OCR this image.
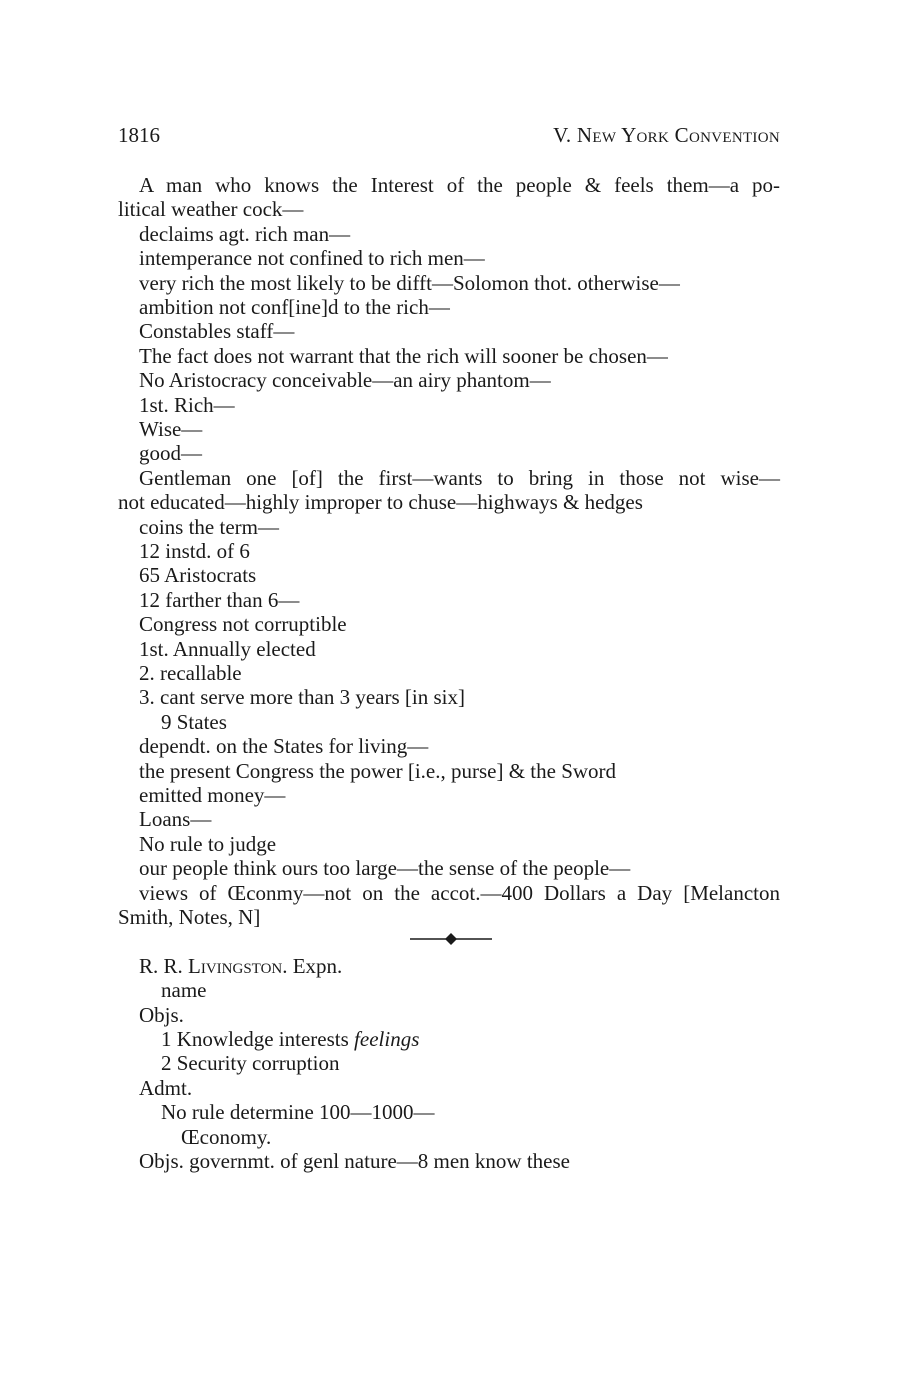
1816	V. New York Convention
A man who knows the Interest of the people & feels them—a po-
litical weather cock—
declaims agt. rich man—
intemperance not confined to rich men—
very rich the most likely to be difft—Solomon thot. otherwise—
ambition not conf[ine]d to the rich—
Constables staff—
The fact does not warrant that the rich will sooner be chosen—
No Aristocracy conceivable—an airy phantom—
1st. Rich—
Wise—
good—
Gentleman one [of] the first—wants to bring in those not wise—
not educated—highly improper to chuse—highways & hedges
coins the term—
12 instd. of 6
65 Aristocrats
12 farther than 6—
Congress not corruptible
1st. Annually elected
2. recallable
3. cant serve more than 3 years [in six]
9 States
dependt. on the States for living—
the present Congress the power [i.e., purse] & the Sword
emitted money—
Loans—
No rule to judge
our people think ours too large—the sense of the people—
views of Œconmy—not on the accot.—400 Dollars a Day [Melancton
Smith, Notes, N]
R. R. Livingston. Expn.
name
Objs.
1 Knowledge interests feelings
2 Security corruption
Admt.
No rule determine 100—1000—
Œconomy.
Objs. governmt. of genl nature—8 men know these
